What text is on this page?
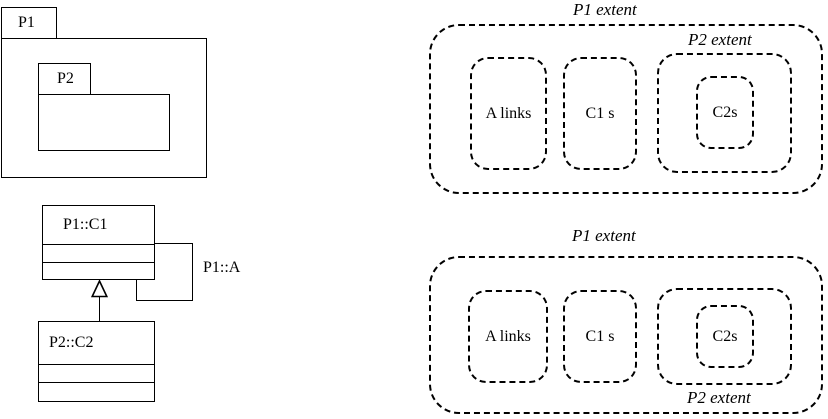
P1
P2
P1::C1
P1::A
P2::C2
P1 extent
P2 extent
A links	C1 s	C2s
P1 extent
A links	C1 s	C2s
P2 extent
